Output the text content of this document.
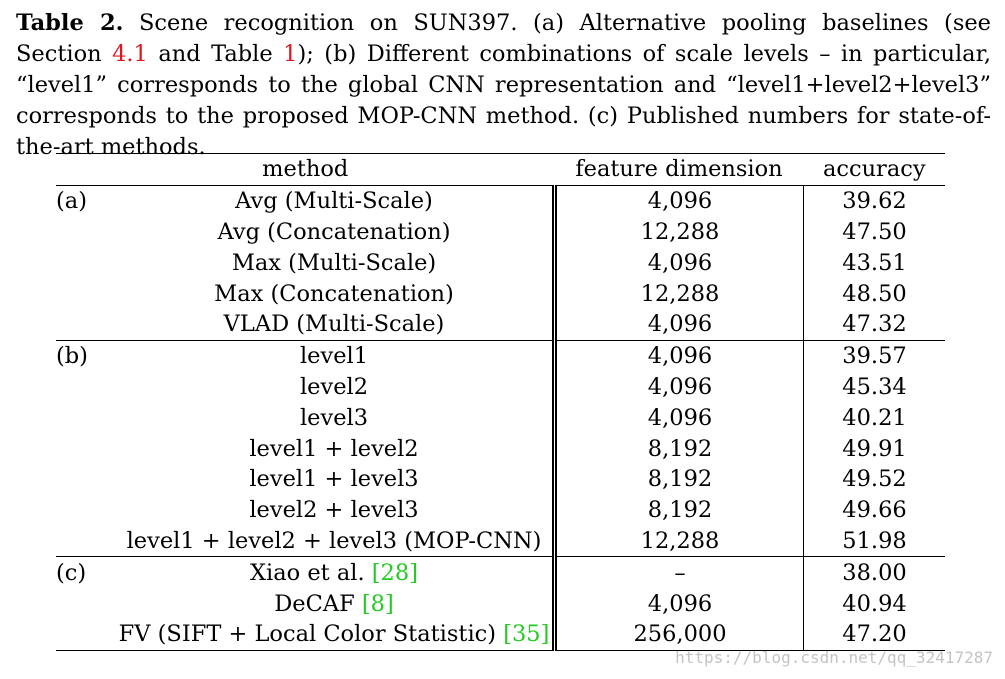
Table 2. Scene recognition on SUN397. (a) Alternative pooling baselines (see Section 4.1 and Table 1); (b) Different combinations of scale levels – in particular, “level1” corresponds to the global CNN representation and “level1+level2+level3” corresponds to the proposed MOP-CNN method. (c) Published numbers for state-of-the-art methods.
method		feature dimension	accuracy
(a)	Avg (Multi-Scale)	4,096	39.62
	Avg (Concatenation)	12,288	47.50
	Max (Multi-Scale)	4,096	43.51
	Max (Concatenation)	12,288	48.50
	VLAD (Multi-Scale)	4,096	47.32
(b)	level1	4,096	39.57
	level2	4,096	45.34
	level3	4,096	40.21
	level1 + level2	8,192	49.91
	level1 + level3	8,192	49.52
	level2 + level3	8,192	49.66
	level1 + level2 + level3 (MOP-CNN)	12,288	51.98
(c)	Xiao et al. [28]	–	38.00
	DeCAF [8]	4,096	40.94
	FV (SIFT + Local Color Statistic) [35]	256,000	47.20
https://blog.csdn.net/qq_32417287
